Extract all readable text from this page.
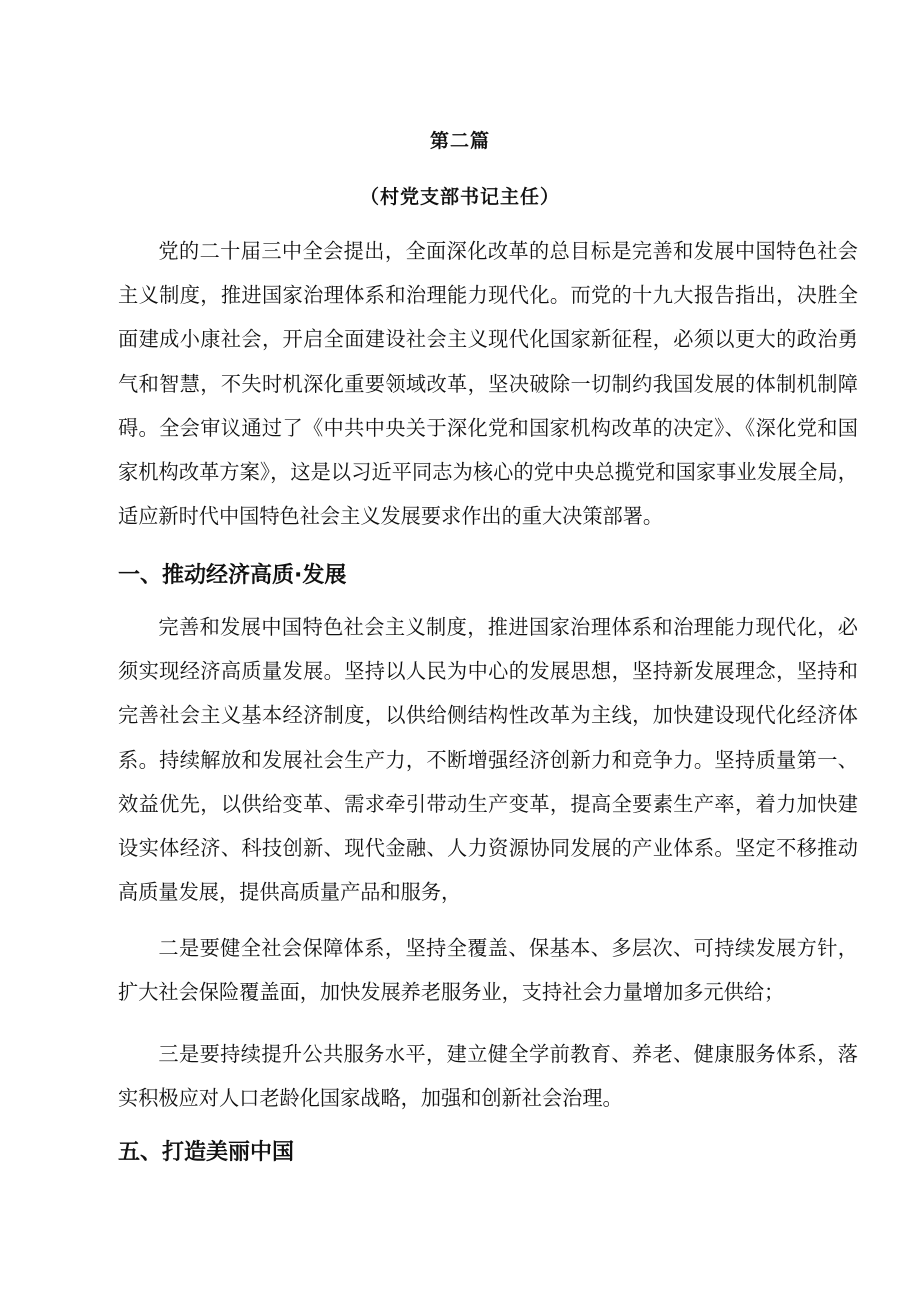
第二篇
（村党支部书记主任）

党的二十届三中全会提出，全面深化改革的总目标是完善和发展中国特色社会主义制度，推进国家治理体系和治理能力现代化。而党的十九大报告指出，决胜全面建成小康社会，开启全面建设社会主义现代化国家新征程，必须以更大的政治勇气和智慧，不失时机深化重要领域改革，坚决破除一切制约我国发展的体制机制障碍。全会审议通过了《中共中央关于深化党和国家机构改革的决定》、《深化党和国家机构改革方案》，这是以习近平同志为核心的党中央总揽党和国家事业发展全局，适应新时代中国特色社会主义发展要求作出的重大决策部署。

一、推动经济高质·发展

完善和发展中国特色社会主义制度，推进国家治理体系和治理能力现代化，必须实现经济高质量发展。坚持以人民为中心的发展思想，坚持新发展理念，坚持和完善社会主义基本经济制度，以供给侧结构性改革为主线，加快建设现代化经济体系。持续解放和发展社会生产力，不断增强经济创新力和竞争力。坚持质量第一、效益优先，以供给变革、需求牵引带动生产变革，提高全要素生产率，着力加快建设实体经济、科技创新、现代金融、人力资源协同发展的产业体系。坚定不移推动高质量发展，提供高质量产品和服务，

二是要健全社会保障体系，坚持全覆盖、保基本、多层次、可持续发展方针，扩大社会保险覆盖面，加快发展养老服务业，支持社会力量增加多元供给；

三是要持续提升公共服务水平，建立健全学前教育、养老、健康服务体系，落实积极应对人口老龄化国家战略，加强和创新社会治理。

五、打造美丽中国
